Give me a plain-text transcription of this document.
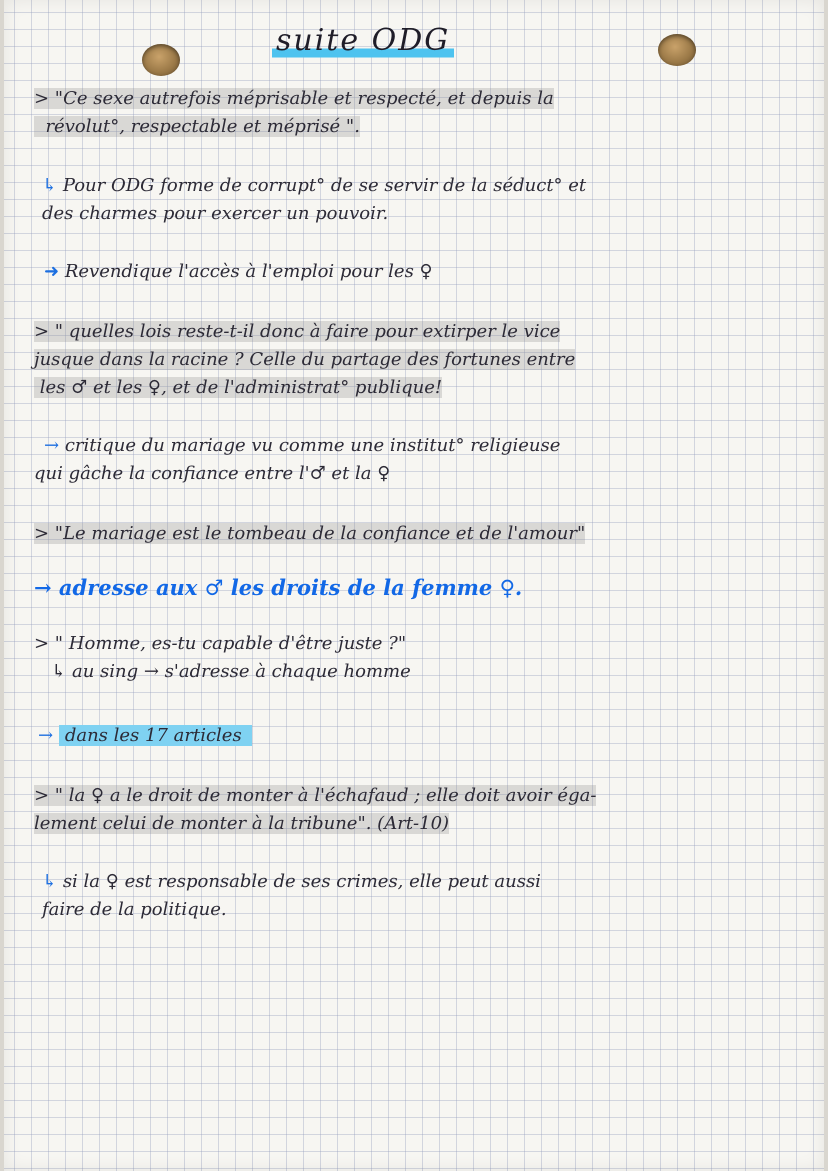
suite ODG
> "Ce sexe autrefois méprisable et respecté, et depuis la
révolut°, respectable et méprisé ".
↳ Pour ODG forme de corrupt° de se servir de la séduct° et
des charmes pour exercer un pouvoir.
➜ Revendique l'accès à l'emploi pour les ♀
> " quelles lois reste-t-il donc à faire pour extirper le vice
jusque dans la racine ? Celle du partage des fortunes entre
les ♂ et les ♀, et de l'administrat° publique!
→ critique du mariage vu comme une institut° religieuse
qui gâche la confiance entre l'♂ et la ♀
> "Le mariage est le tombeau de la confiance et de l'amour"
→ adresse aux ♂ les droits de la femme ♀.
> " Homme, es-tu capable d'être juste ?"
↳ au sing → s'adresse à chaque homme
→ dans les 17 articles
> " la ♀ a le droit de monter à l'échafaud ; elle doit avoir éga-
lement celui de monter à la tribune". (Art-10)
↳ si la ♀ est responsable de ses crimes, elle peut aussi
faire de la politique.
